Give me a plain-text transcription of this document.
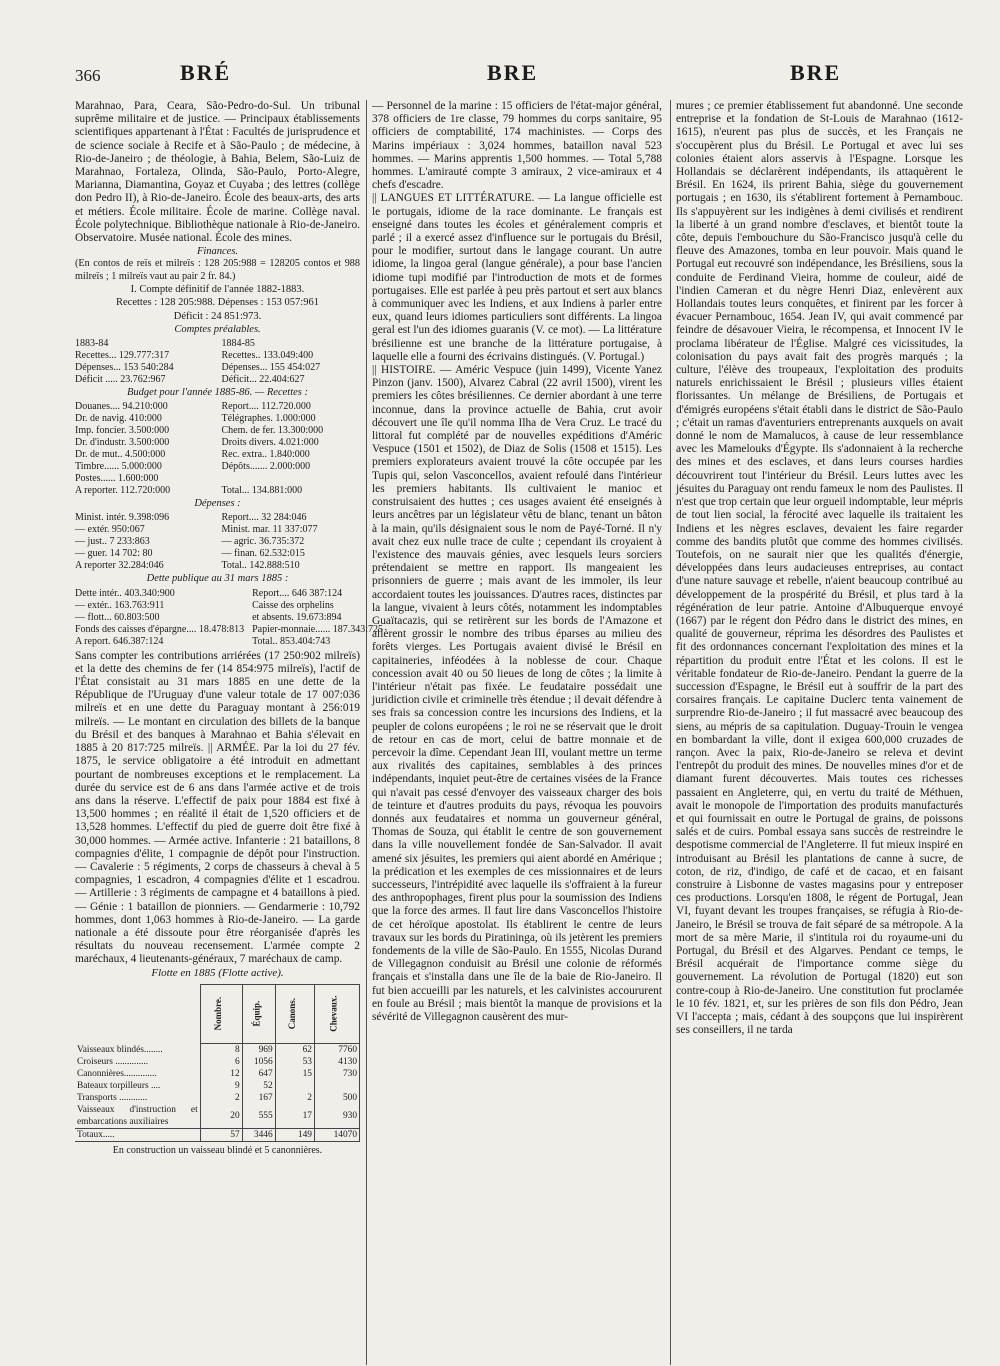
366	BRÉ	BRE	BRE

Marahnao, Para, Ceara, São-Pedro-do-Sul. Un tribunal suprême militaire et de justice. — Principaux établissements scientifiques appartenant à l'État : Facultés de jurisprudence et de science sociale à Recife et à São-Paulo ; de médecine, à Rio-de-Janeiro ; de théologie, à Bahia, Belem, São-Luiz de Marahnao, Fortaleza, Olinda, São-Paulo, Porto-Alegre, Marianna, Diamantina, Goyaz et Cuyaba ; des lettres (collège don Pedro II), à Rio-de-Janeiro. École des beaux-arts, des arts et métiers. École militaire. École de marine. Collège naval. École polytechnique. Bibliothèque nationale à Rio-de-Janeiro. Observatoire. Musée national. École des mines.

Finances.

(En contos de reïs et milreïs : 128 205:988 = 128205 contos et 988 milreïs ; 1 milreïs vaut au pair 2 fr. 84.)

I. Compte définitif de l'année 1882-1883.

Recettes : 128 205:988. Dépenses : 153 057:961

Déficit : 24 851:973.

Comptes préalables.

1883-84	1884-85
Recettes... 129.777:317	Recettes.. 133.049:400
Dépenses... 153 540:284	Dépenses... 155 454:027
Déficit ..... 23.762:967	Déficit... 22.404:627

Budget pour l'année 1885-86. — Recettes :

Douanes.... 94.210:000	Report.... 112.720.000
Dr. de navig. 410:000	Télégraphes. 1.000:000
Imp. foncier. 3.500:000	Chem. de fer. 13.300:000
Dr. d'industr. 3.500:000	Droits divers. 4.021:000
Dr. de mut.. 4.500:000	Rec. extra.. 1.840:000
Timbre...... 5.000:000	Dépôts....... 2.000:000
Postes...... 1.600:000
A reporter. 112.720:000	Total... 134.881:000

Dépenses :

Minist. intér. 9.398:096	Report.... 32 284:046
— extér. 950:067	Minist. mar. 11 337:077
— just.. 7 233:863	— agric. 36.735:372
— guer. 14 702: 80	— finan. 62.532:015
A reporter 32.284:046	Total.. 142.888:510

Dette publique au 31 mars 1885 :

Dette intér.. 403.340:900	Report.... 646 387:124
— extér.. 163.763:911	Caisse des orphelins
— flott... 60.803:500	et absents. 19.673:894
Fonds des caisses d'épargne.... 18.478:813 Papier-monnaie...... 187.343:725
A report. 646.387:124	Total.. 853.404:743

Sans compter les contributions arriérées (17 250:902 milreïs) et la dette des chemins de fer (14 854:975 milreïs), l'actif de l'État consistait au 31 mars 1885 en une dette de la République de l'Uruguay d'une valeur totale de 17 007:036 milreïs et en une dette du Paraguay montant à 256:019 milreïs. — Le montant en circulation des billets de la banque du Brésil et des banques à Marahnao et Bahia s'élevait en 1885 à 20 817:725 milreïs. || ARMÉE. Par la loi du 27 fév. 1875, le service obligatoire a été introduit en admettant pourtant de nombreuses exceptions et le remplacement. La durée du service est de 6 ans dans l'armée active et de trois ans dans la réserve. L'effectif de paix pour 1884 est fixé à 13,500 hommes ; en réalité il était de 1,520 officiers et de 13,528 hommes. L'effectif du pied de guerre doit être fixé à 30,000 hommes. — Armée active. Infanterie : 21 bataillons, 8 compagnies d'élite, 1 compagnie de dépôt pour l'instruction. — Cavalerie : 5 régiments, 2 corps de chasseurs à cheval à 5 compagnies, 1 escadron, 4 compagnies d'élite et 1 escadrou. — Artillerie : 3 régiments de campagne et 4 bataillons à pied. — Génie : 1 bataillon de pionniers. — Gendarmerie : 10,792 hommes, dont 1,063 hommes à Rio-de-Janeiro. — La garde nationale a été dissoute pour être réorganisée d'après les résultats du nouveau recensement. L'armée compte 2 maréchaux, 4 lieutenants-généraux, 7 maréchaux de camp.

Flotte en 1885 (Flotte active).

	Nombre.	Équip.	Canons.	Chevaux.
Vaisseaux blindés........	8	969	62	7760
Croiseurs ..............	6	1056	53	4130
Canonnières..............	12	647	15	730
Bateaux torpilleurs ....	9	52		
Transports ............	2	167	2	500
Vaisseaux d'instruction et embarcations auxiliaires	20	555	17	930
Totaux.....	57	3446	149	14070

En construction un vaisseau blindé et 5 canonnières.

— Personnel de la marine : 15 officiers de l'état-major général, 378 officiers de 1re classe, 79 hommes du corps sanitaire, 95 officiers de comptabilité, 174 machinistes. — Corps des Marins impériaux : 3,024 hommes, bataillon naval 523 hommes. — Marins apprentis 1,500 hommes. — Total 5,788 hommes. L'amirauté compte 3 amiraux, 2 vice-amiraux et 4 chefs d'escadre.

|| LANGUES ET LITTÉRATURE. — La langue officielle est le portugais, idiome de la race dominante. Le français est enseigné dans toutes les écoles et généralement compris et parlé ; il a exercé assez d'influence sur le portugais du Brésil, pour le modifier, surtout dans le langage courant. Un autre idiome, la lingoa geral (langue générale), a pour base l'ancien idiome tupi modifié par l'introduction de mots et de formes portugaises. Elle est parlée à peu près partout et sert aux blancs à communiquer avec les Indiens, et aux Indiens à parler entre eux, quand leurs idiomes particuliers sont différents. La lingoa geral est l'un des idiomes guaranis (V. ce mot). — La littérature brésilienne est une branche de la littérature portugaise, à laquelle elle a fourni des écrivains distingués. (V. Portugal.)

|| HISTOIRE. — Améric Vespuce (juin 1499), Vicente Yanez Pinzon (janv. 1500), Alvarez Cabral (22 avril 1500), virent les premiers les côtes brésiliennes. Ce dernier abordant à une terre inconnue, dans la province actuelle de Bahia, crut avoir découvert une île qu'il nomma Ilha de Vera Cruz. Le tracé du littoral fut complété par de nouvelles expéditions d'Améric Vespuce (1501 et 1502), de Diaz de Solis (1508 et 1515). Les premiers explorateurs avaient trouvé la côte occupée par les Tupis qui, selon Vasconcellos, avaient refoulé dans l'intérieur les premiers habitants. Ils cultivaient le manioc et construisaient des huttes ; ces usages avaient été enseignés à leurs ancêtres par un législateur vêtu de blanc, tenant un bâton à la main, qu'ils désignaient sous le nom de Payé-Torné. Il n'y avait chez eux nulle trace de culte ; cependant ils croyaient à l'existence des mauvais génies, avec lesquels leurs sorciers prétendaient se mettre en rapport. Ils mangeaient les prisonniers de guerre ; mais avant de les immoler, ils leur accordaient toutes les jouissances. D'autres races, distinctes par la langue, vivaient à leurs côtés, notamment les indomptables Guaïtacazis, qui se retirèrent sur les bords de l'Amazone et allèrent grossir le nombre des tribus éparses au milieu des forêts vierges. Les Portugais avaient divisé le Brésil en capitaineries, inféodées à la noblesse de cour. Chaque concession avait 40 ou 50 lieues de long de côtes ; la limite à l'intérieur n'était pas fixée. Le feudataire possédait une juridiction civile et criminelle très étendue ; il devait défendre à ses frais sa concession contre les incursions des Indiens, et la peupler de colons européens ; le roi ne se réservait que le droit de retour en cas de mort, celui de battre monnaie et de percevoir la dîme. Cependant Jean III, voulant mettre un terme aux rivalités des capitaines, semblables à des princes indépendants, inquiet peut-être de certaines visées de la France qui n'avait pas cessé d'envoyer des vaisseaux charger des bois de teinture et d'autres produits du pays, révoqua les pouvoirs donnés aux feudataires et nomma un gouverneur général, Thomas de Souza, qui établit le centre de son gouvernement dans la ville nouvellement fondée de San-Salvador. Il avait amené six jésuites, les premiers qui aient abordé en Amérique ; la prédication et les exemples de ces missionnaires et de leurs successeurs, l'intrépidité avec laquelle ils s'offraient à la fureur des anthropophages, firent plus pour la soumission des Indiens que la force des armes. Il faut lire dans Vasconcellos l'histoire de cet héroïque apostolat. Ils établirent le centre de leurs travaux sur les bords du Piratininga, où ils jetèrent les premiers fondements de la ville de São-Paulo. En 1555, Nicolas Durand de Villegagnon conduisit au Brésil une colonie de réformés français et s'installa dans une île de la baie de Rio-Janeiro. Il fut bien accueilli par les naturels, et les calvinistes accoururent en foule au Brésil ; mais bientôt la manque de provisions et la sévérité de Villegagnon causèrent des mur-

mures ; ce premier établissement fut abandonné. Une seconde entreprise et la fondation de St-Louis de Marahnao (1612-1615), n'eurent pas plus de succès, et les Français ne s'occupèrent plus du Brésil. Le Portugal et avec lui ses colonies étaient alors asservis à l'Espagne. Lorsque les Hollandais se déclarèrent indépendants, ils attaquèrent le Brésil. En 1624, ils prirent Bahia, siège du gouvernement portugais ; en 1630, ils s'établirent fortement à Pernambouc. Ils s'appuyèrent sur les indigènes à demi civilisés et rendirent la liberté à un grand nombre d'esclaves, et bientôt toute la côte, depuis l'embouchure du São-Francisco jusqu'à celle du fleuve des Amazones, tomba en leur pouvoir. Mais quand le Portugal eut recouvré son indépendance, les Brésiliens, sous la conduite de Ferdinand Vieira, homme de couleur, aidé de l'indien Cameran et du nègre Henri Diaz, enlevèrent aux Hollandais toutes leurs conquêtes, et finirent par les forcer à évacuer Pernambouc, 1654. Jean IV, qui avait commencé par feindre de désavouer Vieira, le récompensa, et Innocent IV le proclama libérateur de l'Église. Malgré ces vicissitudes, la colonisation du pays avait fait des progrès marqués ; la culture, l'élève des troupeaux, l'exploitation des produits naturels enrichissaient le Brésil ; plusieurs villes étaient florissantes. Un mélange de Brésiliens, de Portugais et d'émigrés européens s'était établi dans le district de São-Paulo ; c'était un ramas d'aventuriers entreprenants auxquels on avait donné le nom de Mamalucos, à cause de leur ressemblance avec les Mamelouks d'Égypte. Ils s'adonnaient à la recherche des mines et des esclaves, et dans leurs courses hardies découvrirent tout l'intérieur du Brésil. Leurs luttes avec les jésuites du Paraguay ont rendu fameux le nom des Paulistes. Il n'est que trop certain que leur orgueil indomptable, leur mépris de tout lien social, la férocité avec laquelle ils traitaient les Indiens et les nègres esclaves, devaient les faire regarder comme des bandits plutôt que comme des hommes civilisés. Toutefois, on ne saurait nier que les qualités d'énergie, développées dans leurs audacieuses entreprises, au contact d'une nature sauvage et rebelle, n'aient beaucoup contribué au développement de la prospérité du Brésil, et plus tard à la régénération de leur patrie. Antoine d'Albuquerque envoyé (1667) par le régent don Pédro dans le district des mines, en qualité de gouverneur, réprima les désordres des Paulistes et fit des ordonnances concernant l'exploitation des mines et la répartition du produit entre l'État et les colons. Il est le véritable fondateur de Rio-de-Janeiro. Pendant la guerre de la succession d'Espagne, le Brésil eut à souffrir de la part des corsaires français. Le capitaine Duclerc tenta vainement de surprendre Rio-de-Janeiro ; il fut massacré avec beaucoup des siens, au mépris de sa capitulation. Duguay-Trouin le vengea en bombardant la ville, dont il exigea 600,000 cruzades de rançon. Avec la paix, Rio-de-Janeiro se releva et devint l'entrepôt du produit des mines. De nouvelles mines d'or et de diamant furent découvertes. Mais toutes ces richesses passaient en Angleterre, qui, en vertu du traité de Méthuen, avait le monopole de l'importation des produits manufacturés et qui fournissait en outre le Portugal de grains, de poissons salés et de cuirs. Pombal essaya sans succès de restreindre le despotisme commercial de l'Angleterre. Il fut mieux inspiré en introduisant au Brésil les plantations de canne à sucre, de coton, de riz, d'indigo, de café et de cacao, et en faisant construire à Lisbonne de vastes magasins pour y entreposer ces productions. Lorsqu'en 1808, le régent de Portugal, Jean VI, fuyant devant les troupes françaises, se réfugia à Rio-de-Janeiro, le Brésil se trouva de fait séparé de sa métropole. A la mort de sa mère Marie, il s'intitula roi du royaume-uni du Portugal, du Brésil et des Algarves. Pendant ce temps, le Brésil acquérait de l'importance comme siège du gouvernement. La révolution de Portugal (1820) eut son contre-coup à Rio-de-Janeiro. Une constitution fut proclamée le 10 fév. 1821, et, sur les prières de son fils don Pédro, Jean VI l'accepta ; mais, cédant à des soupçons que lui inspirèrent ses conseillers, il ne tarda
